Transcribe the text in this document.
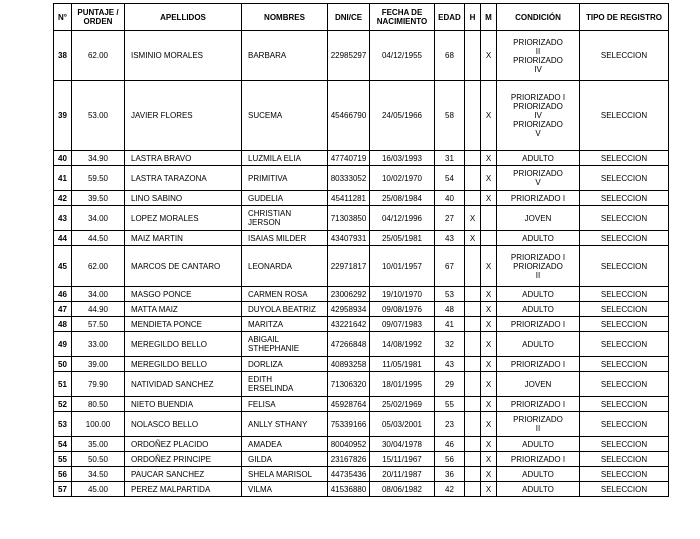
N°	PUNTAJE / ORDEN	APELLIDOS	NOMBRES	DNI/CE	FECHA DE NACIMIENTO	EDAD	H	M	CONDICIÓN	TIPO DE REGISTRO
38	62.00	ISMINIO MORALES	BARBARA	22985297	04/12/1955	68		X	PRIORIZADO
II
PRIORIZADO
IV	SELECCION
39	53.00	JAVIER FLORES	SUCEMA	45466790	24/05/1966	58		X	PRIORIZADO I
PRIORIZADO
IV
PRIORIZADO
V	SELECCION
40	34.90	LASTRA BRAVO	LUZMILA ELIA	47740719	16/03/1993	31		X	ADULTO	SELECCION
41	59.50	LASTRA TARAZONA	PRIMITIVA	80333052	10/02/1970	54		X	PRIORIZADO
V	SELECCION
42	39.50	LINO SABINO	GUDELIA	45411281	25/08/1984	40		X	PRIORIZADO I	SELECCION
43	34.00	LOPEZ MORALES	CHRISTIAN
JERSON	71303850	04/12/1996	27	X		JOVEN	SELECCION
44	44.50	MAIZ MARTIN	ISAIAS MILDER	43407931	25/05/1981	43	X		ADULTO	SELECCION
45	62.00	MARCOS DE CANTARO	LEONARDA	22971817	10/01/1957	67		X	PRIORIZADO I
PRIORIZADO
II	SELECCION
46	34.00	MASGO PONCE	CARMEN ROSA	23006292	19/10/1970	53		X	ADULTO	SELECCION
47	44.90	MATTA MAIZ	DUYOLA BEATRIZ	42958934	09/08/1976	48		X	ADULTO	SELECCION
48	57.50	MENDIETA PONCE	MARITZA	43221642	09/07/1983	41		X	PRIORIZADO I	SELECCION
49	33.00	MEREGILDO BELLO	ABIGAIL
STHEPHANIE	47266848	14/08/1992	32		X	ADULTO	SELECCION
50	39.00	MEREGILDO BELLO	DORLIZA	40893258	11/05/1981	43		X	PRIORIZADO I	SELECCION
51	79.90	NATIVIDAD SANCHEZ	EDITH
ERSELINDA	71306320	18/01/1995	29		X	JOVEN	SELECCION
52	80.50	NIETO BUENDIA	FELISA	45928764	25/02/1969	55		X	PRIORIZADO I	SELECCION
53	100.00	NOLASCO BELLO	ANLLY STHANY	75339166	05/03/2001	23		X	PRIORIZADO
II	SELECCION
54	35.00	ORDOÑEZ PLACIDO	AMADEA	80040952	30/04/1978	46		X	ADULTO	SELECCION
55	50.50	ORDOÑEZ PRINCIPE	GILDA	23167826	15/11/1967	56		X	PRIORIZADO I	SELECCION
56	34.50	PAUCAR SANCHEZ	SHELA MARISOL	44735436	20/11/1987	36		X	ADULTO	SELECCION
57	45.00	PEREZ MALPARTIDA	VILMA	41536880	08/06/1982	42		X	ADULTO	SELECCION
